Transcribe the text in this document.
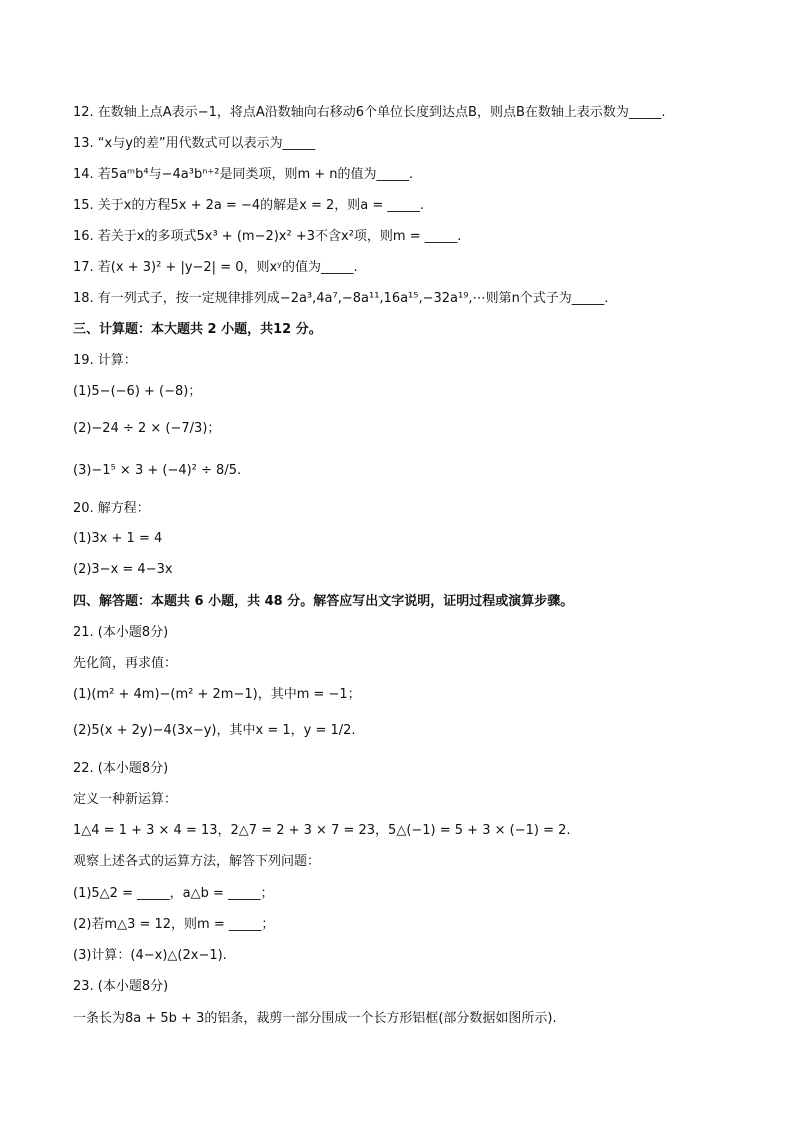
12. 在数轴上点A表示−1，将点A沿数轴向右移动6个单位长度到达点B，则点B在数轴上表示数为_____.
13. “x与y的差”用代数式可以表示为_____
14. 若5aᵐb⁴与−4a³bⁿ⁺²是同类项，则m + n的值为_____.
15. 关于x的方程5x + 2a = −4的解是x = 2，则a = _____.
16. 若关于x的多项式5x³ + (m−2)x² +3不含x²项，则m = _____.
17. 若(x + 3)² + |y−2| = 0，则xʸ的值为_____.
18. 有一列式子，按一定规律排列成−2a³,4a⁷,−8a¹¹,16a¹⁵,−32a¹⁹,⋯则第n个式子为_____.
三、计算题：本大题共 2 小题，共12 分。
19. 计算：
(1)5−(−6) + (−8)；
(2)−24 ÷ 2 × (−7/3)；
(3)−1⁵ × 3 + (−4)² ÷ 8/5.
20. 解方程：
(1)3x + 1 = 4
(2)3−x = 4−3x
四、解答题：本题共 6 小题，共 48 分。解答应写出文字说明，证明过程或演算步骤。
21. (本小题8分)
先化简，再求值：
(1)(m² + 4m)−(m² + 2m−1)，其中m = −1；
(2)5(x + 2y)−4(3x−y)，其中x = 1，y = 1/2.
22. (本小题8分)
定义一种新运算：
1△4 = 1 + 3 × 4 = 13，2△7 = 2 + 3 × 7 = 23，5△(−1) = 5 + 3 × (−1) = 2.
观察上述各式的运算方法，解答下列问题：
(1)5△2 = _____，a△b = _____；
(2)若m△3 = 12，则m = _____；
(3)计算：(4−x)△(2x−1).
23. (本小题8分)
一条长为8a + 5b + 3的铝条，裁剪一部分围成一个长方形铝框(部分数据如图所示).
